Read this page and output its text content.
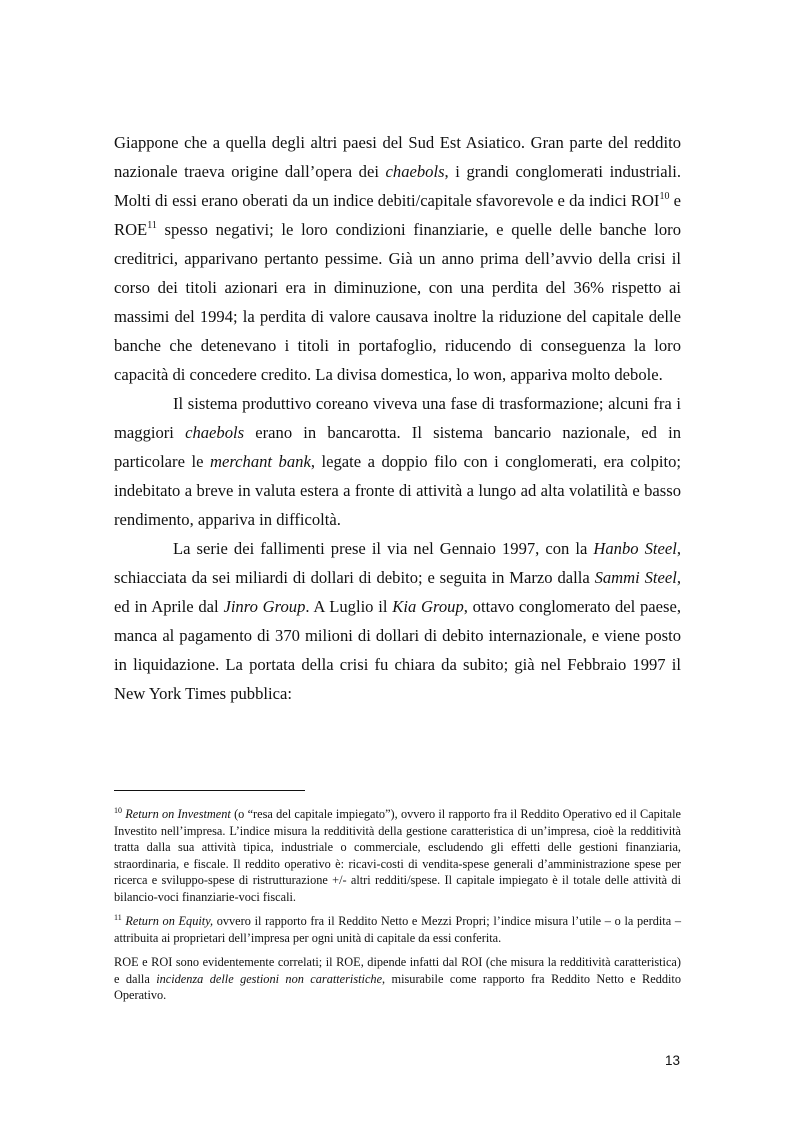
Giappone che a quella degli altri paesi del Sud Est Asiatico. Gran parte del reddito nazionale traeva origine dall’opera dei chaebols, i grandi conglomerati industriali. Molti di essi erano oberati da un indice debiti/capitale sfavorevole e da indici ROI$^{10}$ e ROE$^{11}$ spesso negativi; le loro condizioni finanziarie, e quelle delle banche loro creditrici, apparivano pertanto pessime. Già un anno prima dell’avvio della crisi il corso dei titoli azionari era in diminuzione, con una perdita del 36% rispetto ai massimi del 1994; la perdita di valore causava inoltre la riduzione del capitale delle banche che detenevano i titoli in portafoglio, riducendo di conseguenza la loro capacità di concedere credito. La divisa domestica, lo won, appariva molto debole.

Il sistema produttivo coreano viveva una fase di trasformazione; alcuni fra i maggiori chaebols erano in bancarotta. Il sistema bancario nazionale, ed in particolare le merchant bank, legate a doppio filo con i conglomerati, era colpito; indebitato a breve in valuta estera a fronte di attività a lungo ad alta volatilità e basso rendimento, appariva in difficoltà.

La serie dei fallimenti prese il via nel Gennaio 1997, con la Hanbo Steel, schiacciata da sei miliardi di dollari di debito; e seguita in Marzo dalla Sammi Steel, ed in Aprile dal Jinro Group. A Luglio il Kia Group, ottavo conglomerato del paese, manca al pagamento di 370 milioni di dollari di debito internazionale, e viene posto in liquidazione. La portata della crisi fu chiara da subito; già nel Febbraio 1997 il New York Times pubblica:

$^{10}$ Return on Investment (o “resa del capitale impiegato”), ovvero il rapporto fra il Reddito Operativo ed il Capitale Investito nell’impresa. L’indice misura la redditività della gestione caratteristica di un’impresa, cioè la redditività tratta dalla sua attività tipica, industriale o commerciale, escludendo gli effetti delle gestioni finanziaria, straordinaria, e fiscale. Il reddito operativo è: ricavi-costi di vendita-spese generali d’amministrazione spese per ricerca e sviluppo-spese di ristrutturazione +/- altri redditi/spese. Il capitale impiegato è il totale delle attività di bilancio-voci finanziarie-voci fiscali.

$^{11}$ Return on Equity, ovvero il rapporto fra il Reddito Netto e Mezzi Propri; l’indice misura l’utile – o la perdita – attribuita ai proprietari dell’impresa per ogni unità di capitale da essi conferita.

ROE e ROI sono evidentemente correlati; il ROE, dipende infatti dal ROI (che misura la redditività caratteristica) e dalla incidenza delle gestioni non caratteristiche, misurabile come rapporto fra Reddito Netto e Reddito Operativo.

13
